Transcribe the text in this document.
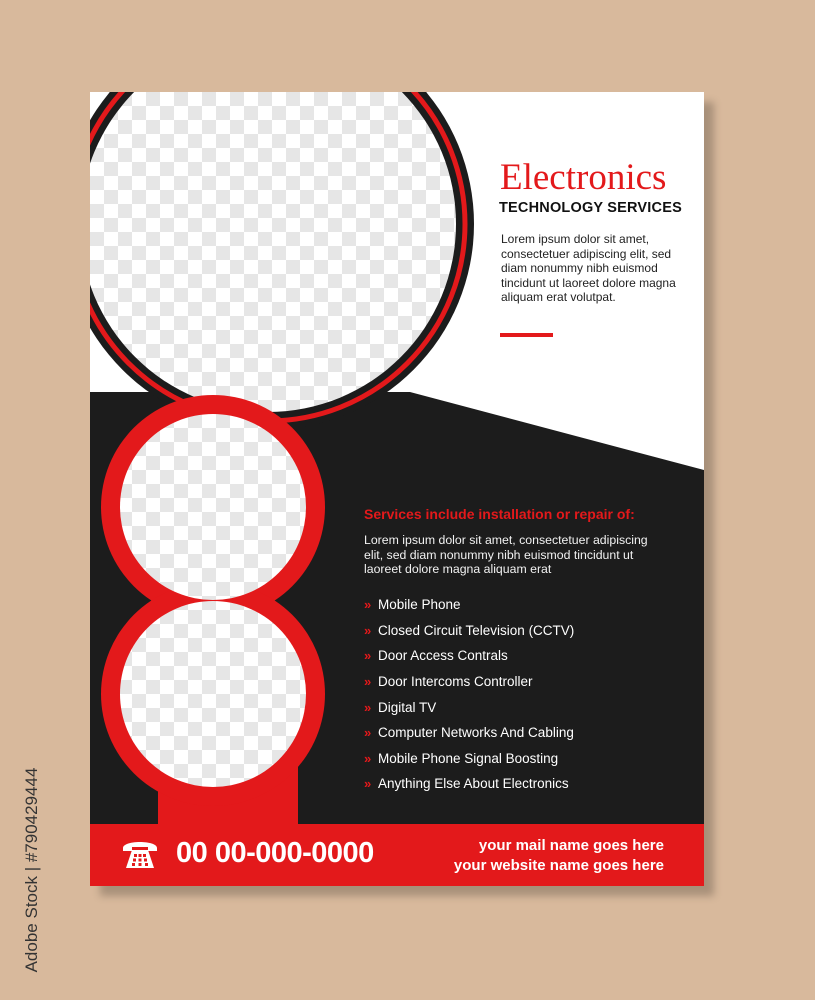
Electronics
TECHNOLOGY SERVICES

Lorem ipsum dolor sit amet, consectetuer adipiscing elit, sed diam nonummy nibh euismod tincidunt ut laoreet dolore magna aliquam erat volutpat.

Services include installation or repair of:

Lorem ipsum dolor sit amet, consectetuer adipiscing elit, sed diam nonummy nibh euismod tincidunt ut laoreet dolore magna aliquam erat

» Mobile Phone
» Closed Circuit Television (CCTV)
» Door Access Contrals
» Door Intercoms Controller
» Digital TV
» Computer Networks And Cabling
» Mobile Phone Signal Boosting
» Anything Else About Electronics
00 00-000-0000	your mail name goes here
your website name goes here
Adobe Stock | #790429444
